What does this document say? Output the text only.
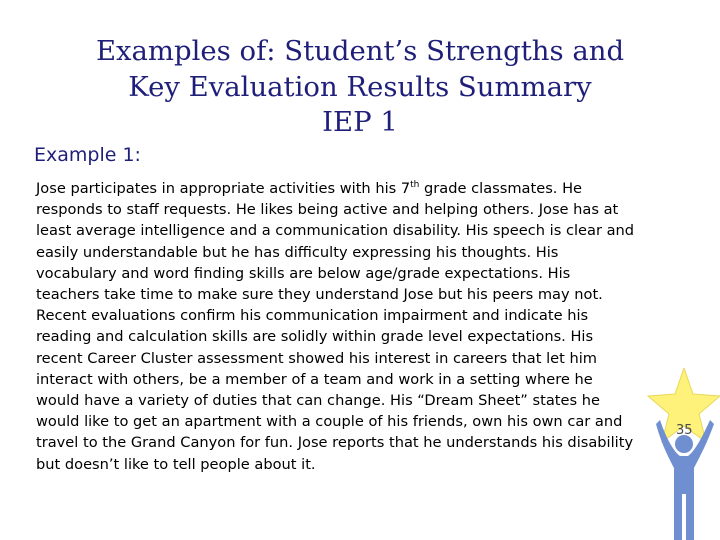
Examples of: Student’s Strengths and
Key Evaluation Results Summary
IEP 1
Example 1:
Jose participates in appropriate activities with his 7th grade classmates. He
responds to staff requests. He likes being active and helping others. Jose has at
least average intelligence and a communication disability. His speech is clear and
easily understandable but he has difficulty expressing his thoughts. His
vocabulary and word finding skills are below age/grade expectations. His
teachers take time to make sure they understand Jose but his peers may not.
Recent evaluations confirm his communication impairment and indicate his
reading and calculation skills are solidly within grade level expectations. His
recent Career Cluster assessment showed his interest in careers that let him
interact with others, be a member of a team and work in a setting where he
would have a variety of duties that can change. His “Dream Sheet” states he
would like to get an apartment with a couple of his friends, own his own car and
travel to the Grand Canyon for fun. Jose reports that he understands his disability
but doesn’t like to tell people about it.
35
